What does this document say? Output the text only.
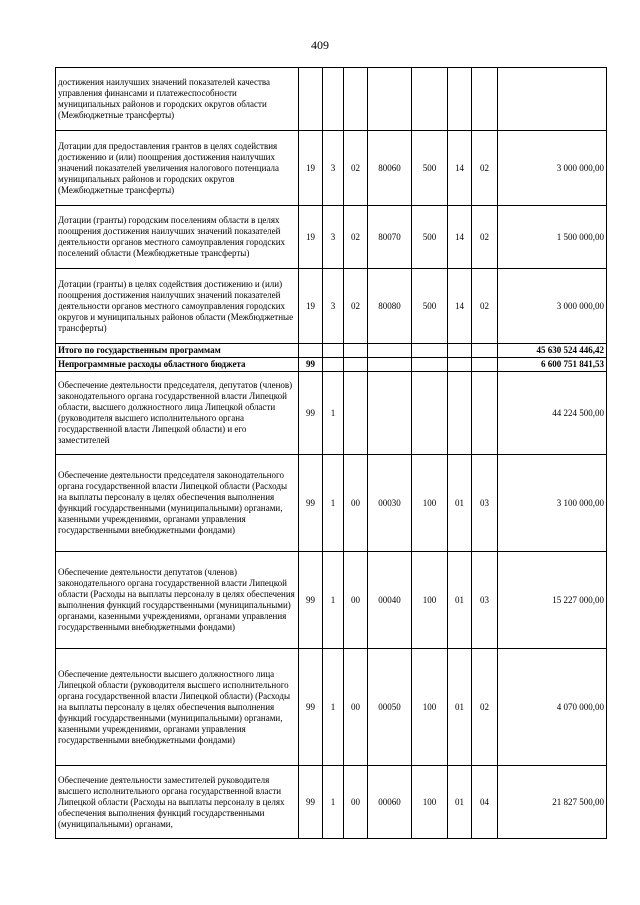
409
достижения наилучших значений показателей качества управления финансами и платежеспособности муниципальных районов и городских округов области (Межбюджетные трансферты)								
Дотации для предоставления грантов в целях содействия достижению и (или) поощрения достижения наилучших значений показателей увеличения налогового потенциала муниципальных районов и городских округов (Межбюджетные трансферты)	19	3	02	80060	500	14	02	3 000 000,00
Дотации (гранты) городским поселениям области в целях поощрения достижения наилучших значений показателей деятельности органов местного самоуправления городских поселений области (Межбюджетные трансферты)	19	3	02	80070	500	14	02	1 500 000,00
Дотации (гранты) в целях содействия достижению и (или) поощрения достижения наилучших значений показателей деятельности органов местного самоуправления городских округов и муниципальных районов области (Межбюджетные трансферты)	19	3	02	80080	500	14	02	3 000 000,00
Итого по государственным программам								45 630 524 446,42
Непрограммные расходы областного бюджета	99							6 600 751 841,53
Обеспечение деятельности председателя, депутатов (членов) законодательного органа государственной власти Липецкой области, высшего должностного лица Липецкой области (руководителя высшего исполнительного органа государственной власти Липецкой области) и его заместителей	99	1						44 224 500,00
Обеспечение деятельности председателя законодательного органа государственной власти Липецкой области (Расходы на выплаты персоналу в целях обеспечения выполнения функций государственными (муниципальными) органами, казенными учреждениями, органами управления государственными внебюджетными фондами)	99	1	00	00030	100	01	03	3 100 000,00
Обеспечение деятельности депутатов (членов) законодательного органа государственной власти Липецкой области (Расходы на выплаты персоналу в целях обеспечения выполнения функций государственными (муниципальными) органами, казенными учреждениями, органами управления государственными внебюджетными фондами)	99	1	00	00040	100	01	03	15 227 000,00
Обеспечение деятельности высшего должностного лица Липецкой области (руководителя высшего исполнительного органа государственной власти Липецкой области) (Расходы на выплаты персоналу в целях обеспечения выполнения функций государственными (муниципальными) органами, казенными учреждениями, органами управления государственными внебюджетными фондами)	99	1	00	00050	100	01	02	4 070 000,00
Обеспечение деятельности заместителей руководителя высшего исполнительного органа государственной власти Липецкой области (Расходы на выплаты персоналу в целях обеспечения выполнения функций государственными (муниципальными) органами,	99	1	00	00060	100	01	04	21 827 500,00
